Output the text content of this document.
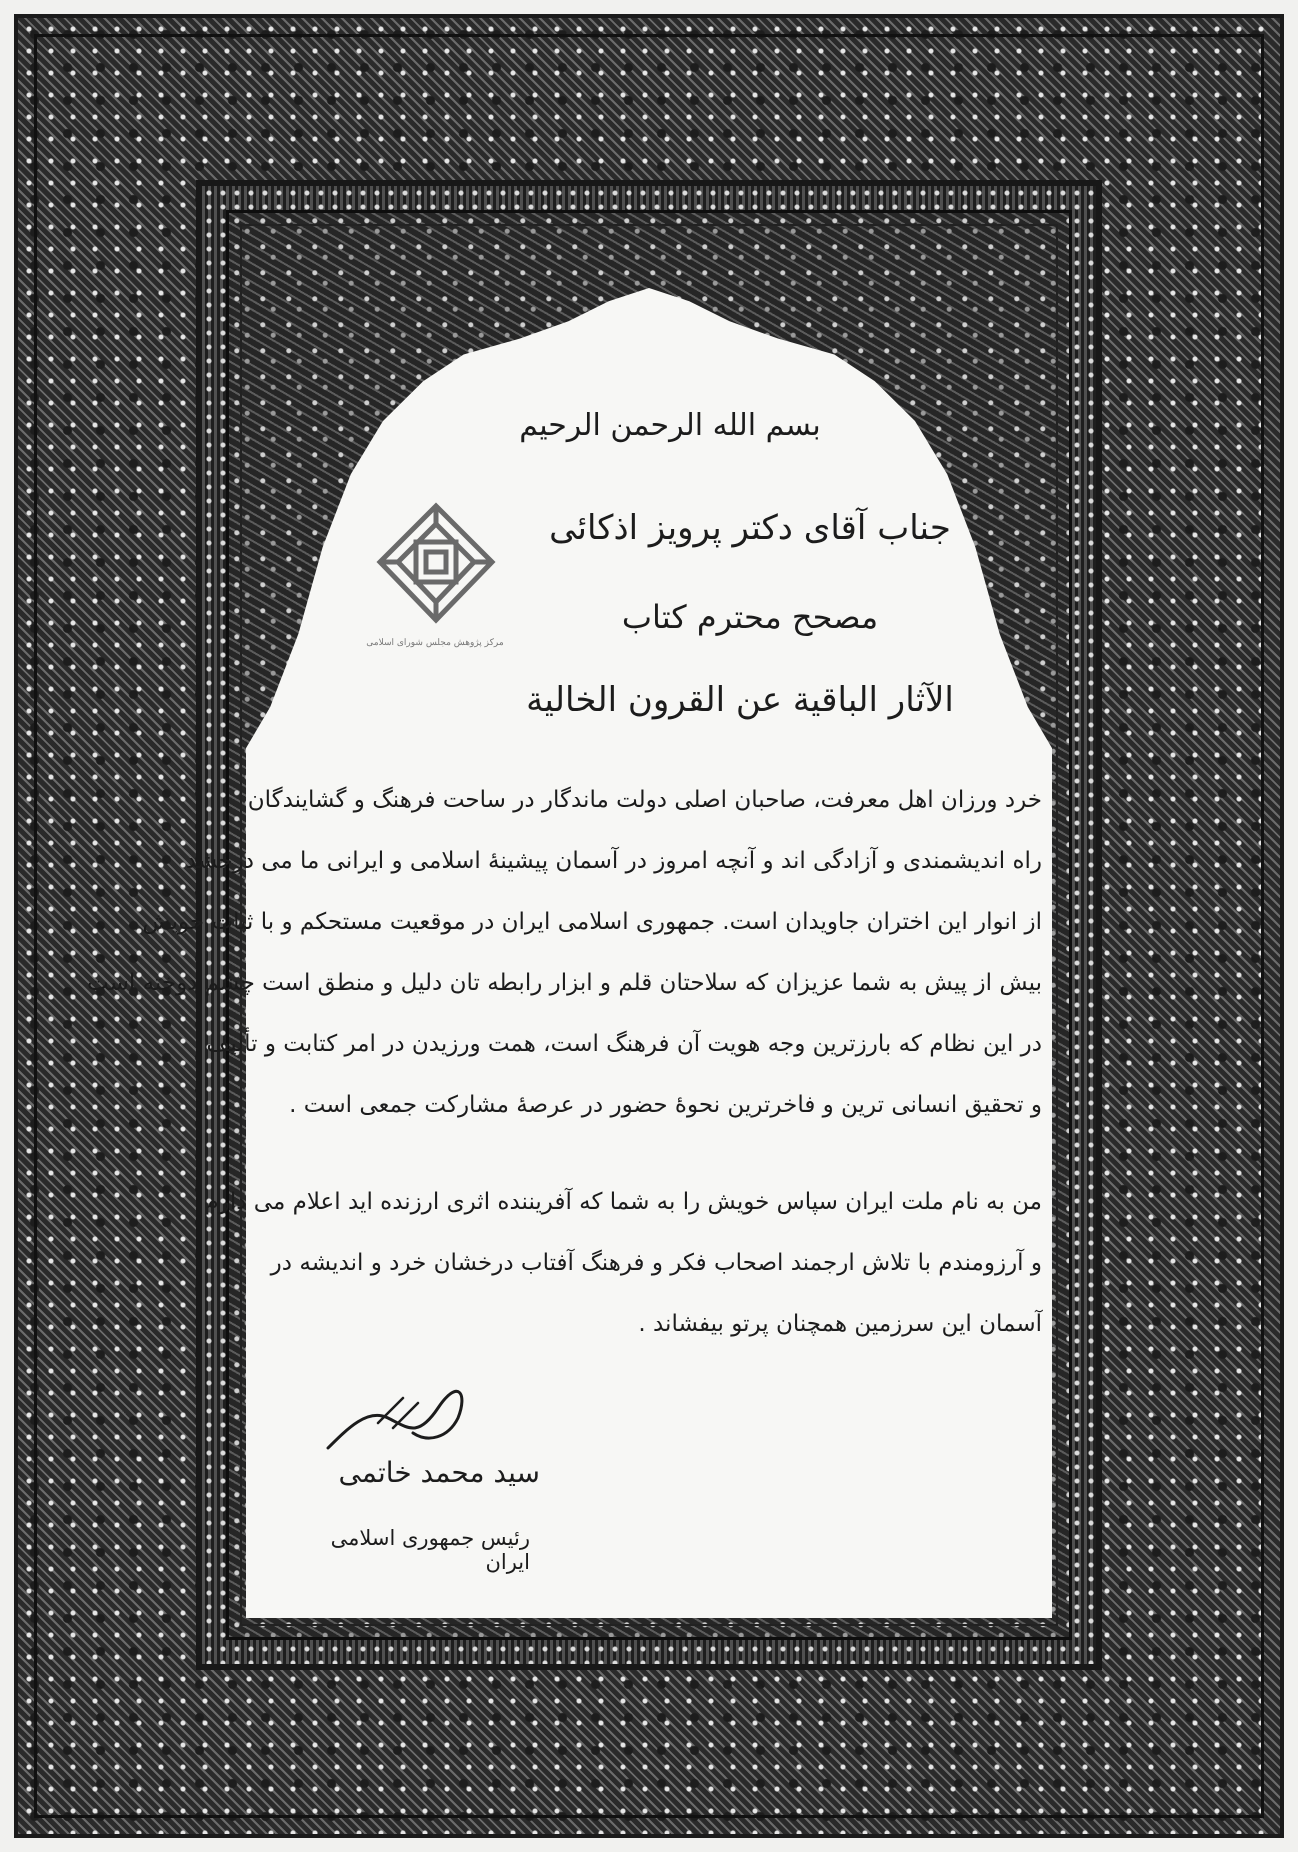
مرکز پژوهش مجلس شورای اسلامی
بسم الله الرحمن الرحیم
جناب آقای دکتر پرویز اذکائی
مصحح محترم کتاب
الآثار الباقیة عن القرون الخالیة

خرد ورزان اهل معرفت، صاحبان اصلی دولت ماندگار در ساحت فرهنگ و گشایندگان

راه اندیشمندی و آزادگی اند و آنچه امروز در آسمان پیشینهٔ اسلامی و ایرانی ما می درخشد

از انوار این اختران جاویدان است. جمهوری اسلامی ایران در موقعیت مستحکم و با ثبات خویش

بیش از پیش به شما عزیزان که سلاحتان قلم و ابزار رابطه تان دلیل و منطق است چشم دوخته است

در این نظام که بارزترین وجه هویت آن فرهنگ است، همت ورزیدن در امر کتابت و تألیف

و تحقیق انسانی ترین و فاخرترین نحوهٔ حضور در عرصهٔ مشارکت جمعی است .

من به نام ملت ایران سپاس خویش را به شما که آفریننده اثری ارزنده اید اعلام می دارم

و آرزومندم با تلاش ارجمند اصحاب فکر و فرهنگ آفتاب درخشان خرد و اندیشه در

آسمان این سرزمین همچنان پرتو بیفشاند .

سید محمد خاتمی
رئیس جمهوری اسلامی ایران
